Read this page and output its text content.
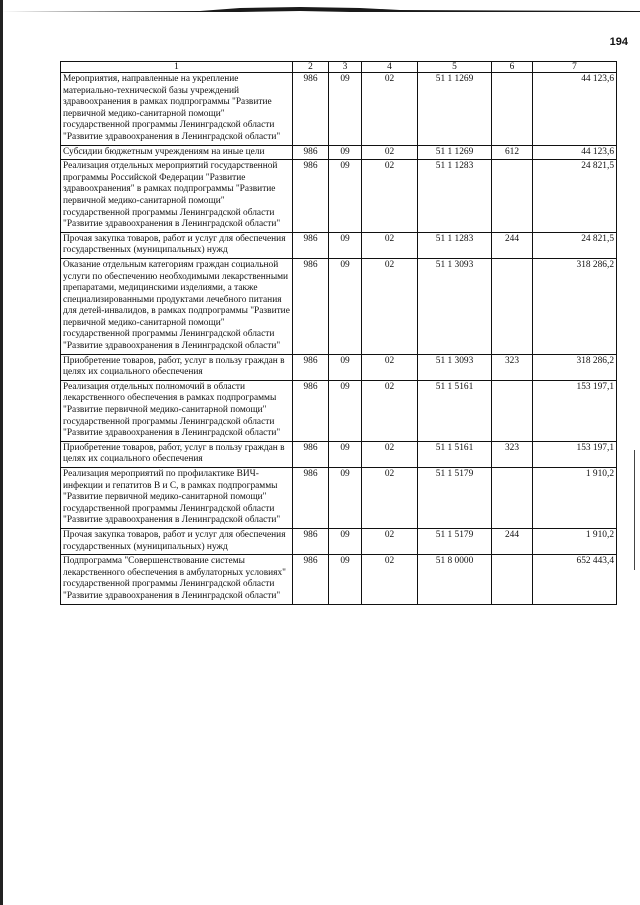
194
1	2	3	4	5	6	7
Мероприятия, направленные на укрепление материально-технической базы учреждений здравоохранения в рамках подпрограммы "Развитие первичной медико-санитарной помощи" государственной программы Ленинградской области "Развитие здравоохранения в Ленинградской области"	986	09	02	51 1 1269		44 123,6
Субсидии бюджетным учреждениям на иные цели	986	09	02	51 1 1269	612	44 123,6
Реализация отдельных мероприятий государственной программы Российской Федерации "Развитие здравоохранения" в рамках подпрограммы "Развитие первичной медико-санитарной помощи" государственной программы Ленинградской области "Развитие здравоохранения в Ленинградской области"	986	09	02	51 1 1283		24 821,5
Прочая закупка товаров, работ и услуг для обеспечения государственных (муниципальных) нужд	986	09	02	51 1 1283	244	24 821,5
Оказание отдельным категориям граждан социальной услуги по обеспечению необходимыми лекарственными препаратами, медицинскими изделиями, а также специализированными продуктами лечебного питания для детей-инвалидов, в рамках подпрограммы "Развитие первичной медико-санитарной помощи" государственной программы Ленинградской области "Развитие здравоохранения в Ленинградской области"	986	09	02	51 1 3093		318 286,2
Приобретение товаров, работ, услуг в пользу граждан в целях их социального обеспечения	986	09	02	51 1 3093	323	318 286,2
Реализация отдельных полномочий в области лекарственного обеспечения в рамках подпрограммы "Развитие первичной медико-санитарной помощи" государственной программы Ленинградской области "Развитие здравоохранения в Ленинградской области"	986	09	02	51 1 5161		153 197,1
Приобретение товаров, работ, услуг в пользу граждан в целях их социального обеспечения	986	09	02	51 1 5161	323	153 197,1
Реализация мероприятий по профилактике ВИЧ-инфекции и гепатитов В и С, в рамках подпрограммы "Развитие первичной медико-санитарной помощи" государственной программы Ленинградской области "Развитие здравоохранения в Ленинградской области"	986	09	02	51 1 5179		1 910,2
Прочая закупка товаров, работ и услуг для обеспечения государственных (муниципальных) нужд	986	09	02	51 1 5179	244	1 910,2
Подпрограмма "Совершенствование системы лекарственного обеспечения в амбулаторных условиях" государственной программы Ленинградской области "Развитие здравоохранения в Ленинградской области"	986	09	02	51 8 0000		652 443,4
